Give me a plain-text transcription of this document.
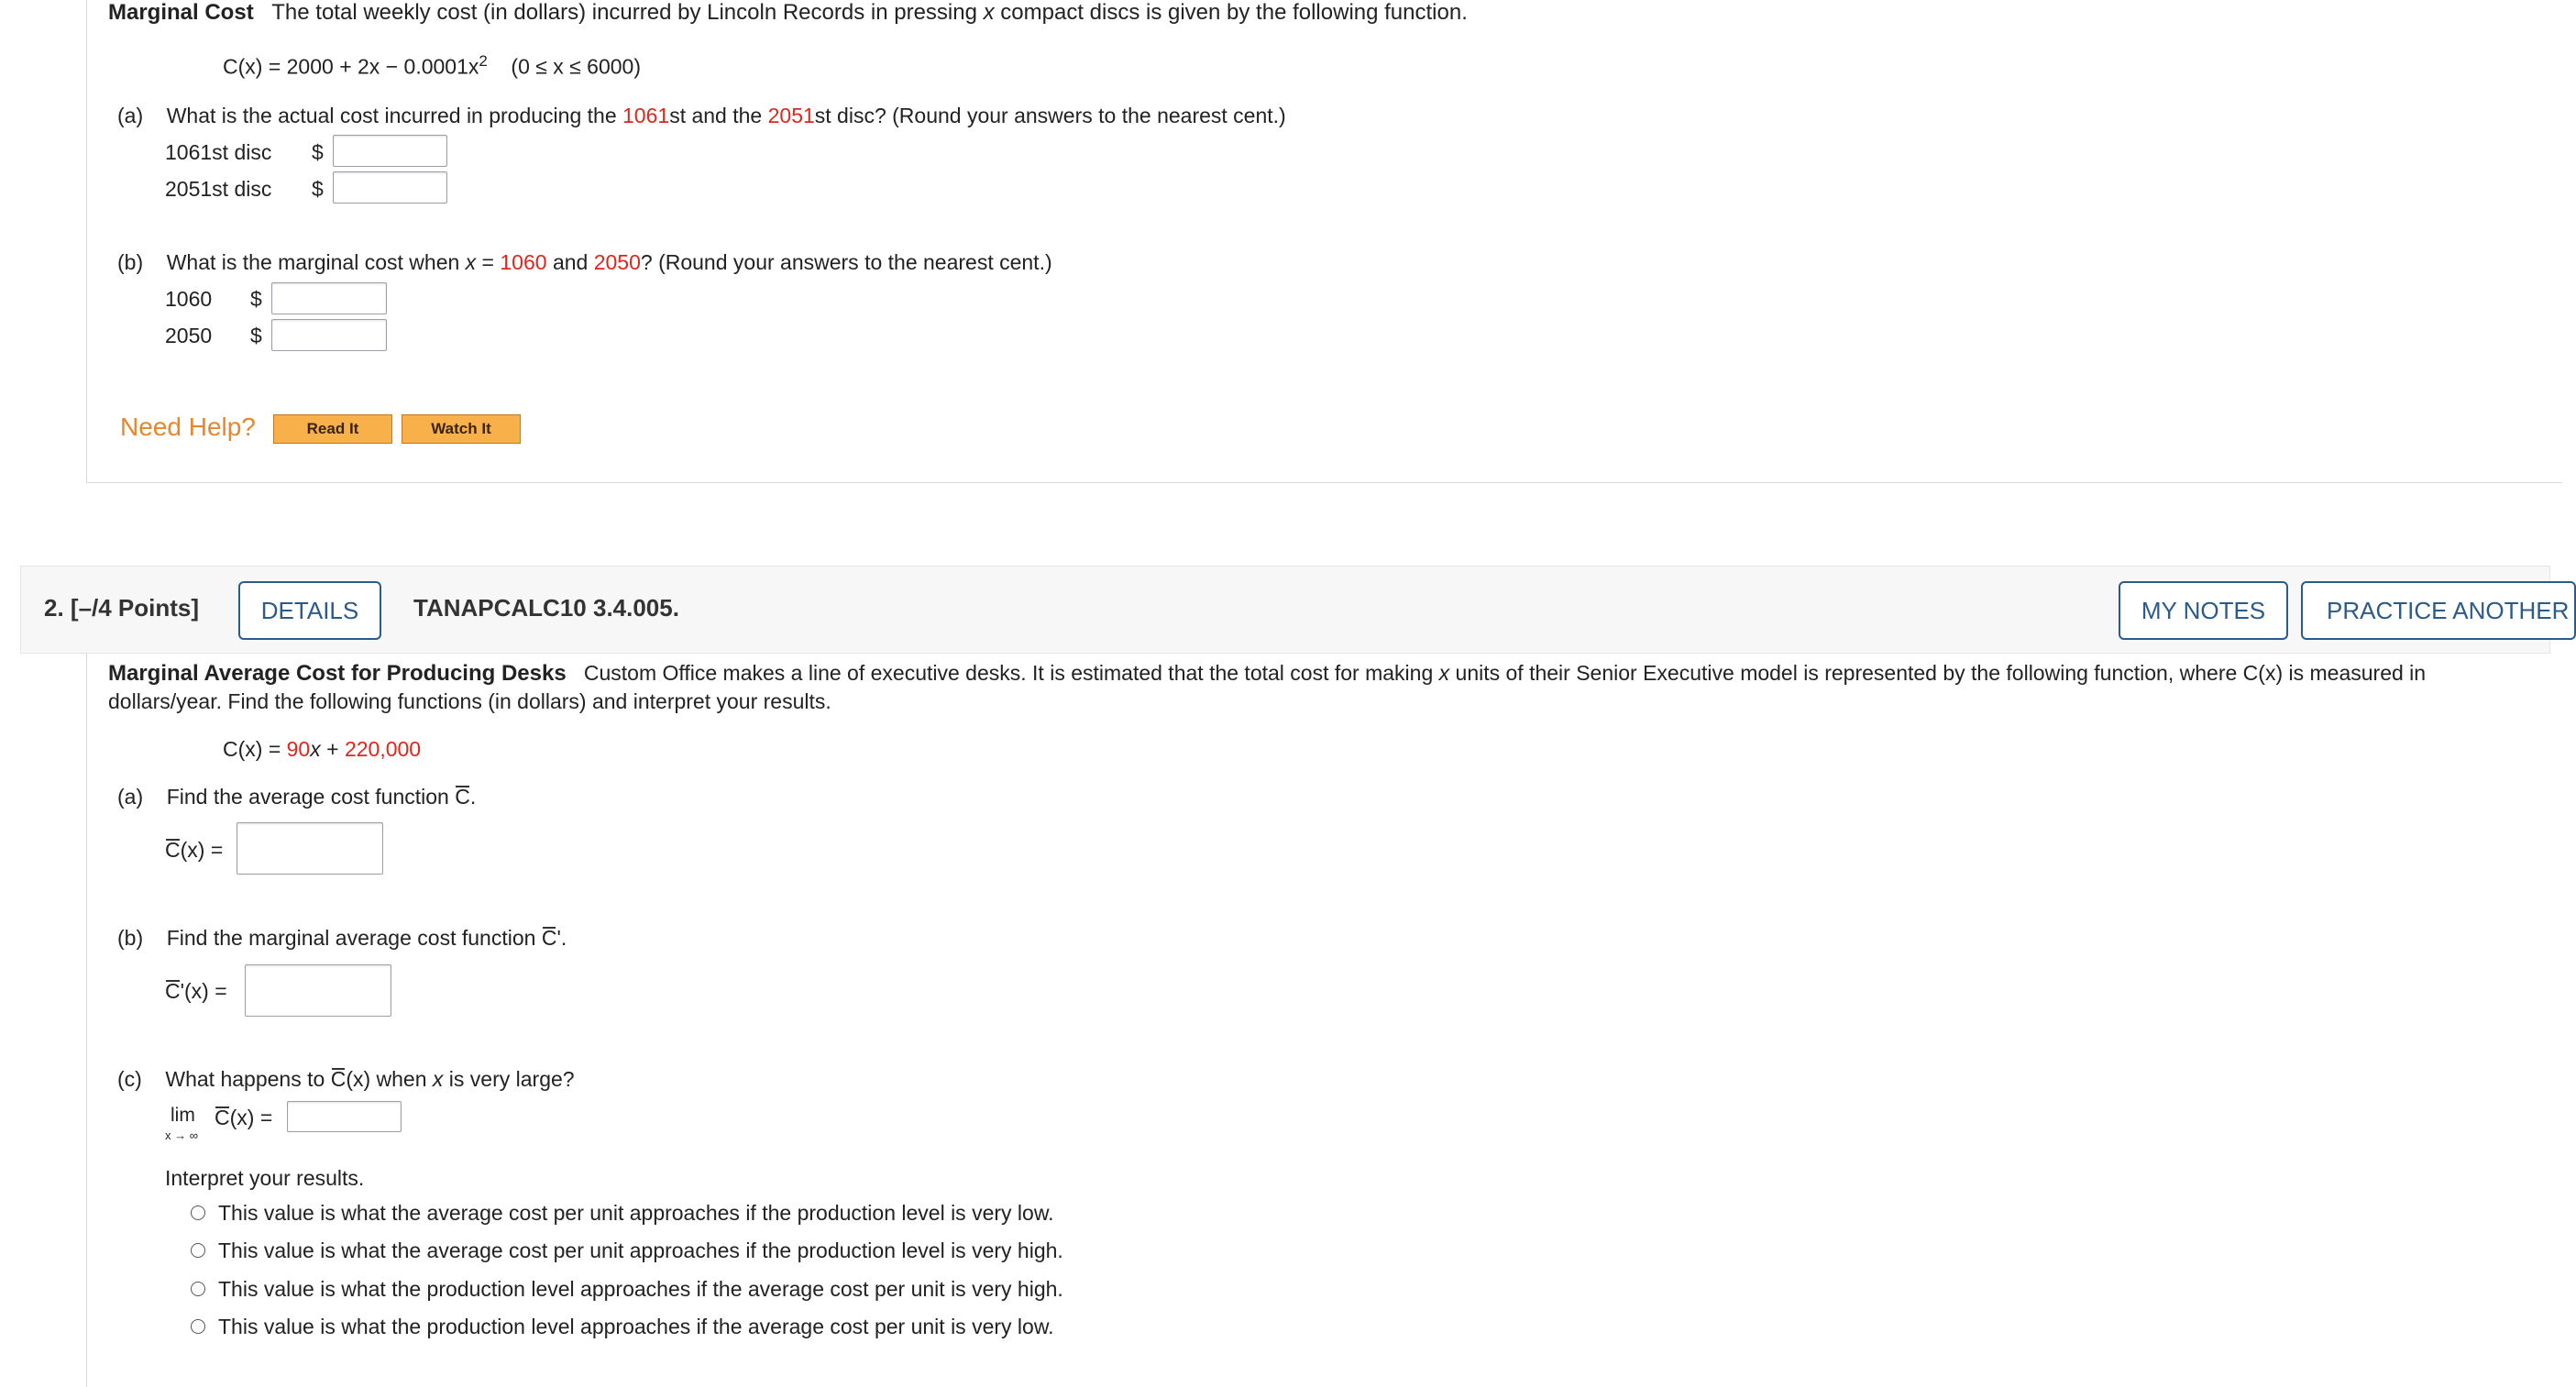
Marginal Cost The total weekly cost (in dollars) incurred by Lincoln Records in pressing x compact discs is given by the following function.
$C(x) = 2000 + 2x - 0.0001x^2$ (0 ≤ x ≤ 6000)
(a) What is the actual cost incurred in producing the 1061st and the 2051st disc? (Round your answers to the nearest cent.)
1061st disc $
2051st disc $
(b) What is the marginal cost when x = 1060 and 2050? (Round your answers to the nearest cent.)
1060 $
2050 $
Need Help?	Read It	Watch It
2. [–/4 Points]	DETAILS	TANAPCALC10 3.4.005.	MY NOTES	PRACTICE ANOTHER
Marginal Average Cost for Producing Desks Custom Office makes a line of executive desks. It is estimated that the total cost for making x units of their Senior Executive model is represented by the following function, where C(x) is measured in
dollars/year. Find the following functions (in dollars) and interpret your results.
C(x) = 90x + 220,000
(a) Find the average cost function C.
C(x) =
(b) Find the marginal average cost function C'.
C'(x) =
(c) What happens to C(x) when x is very large?
lim
x → ∞
C(x) =
Interpret your results.
This value is what the average cost per unit approaches if the production level is very low.
This value is what the average cost per unit approaches if the production level is very high.
This value is what the production level approaches if the average cost per unit is very high.
This value is what the production level approaches if the average cost per unit is very low.
